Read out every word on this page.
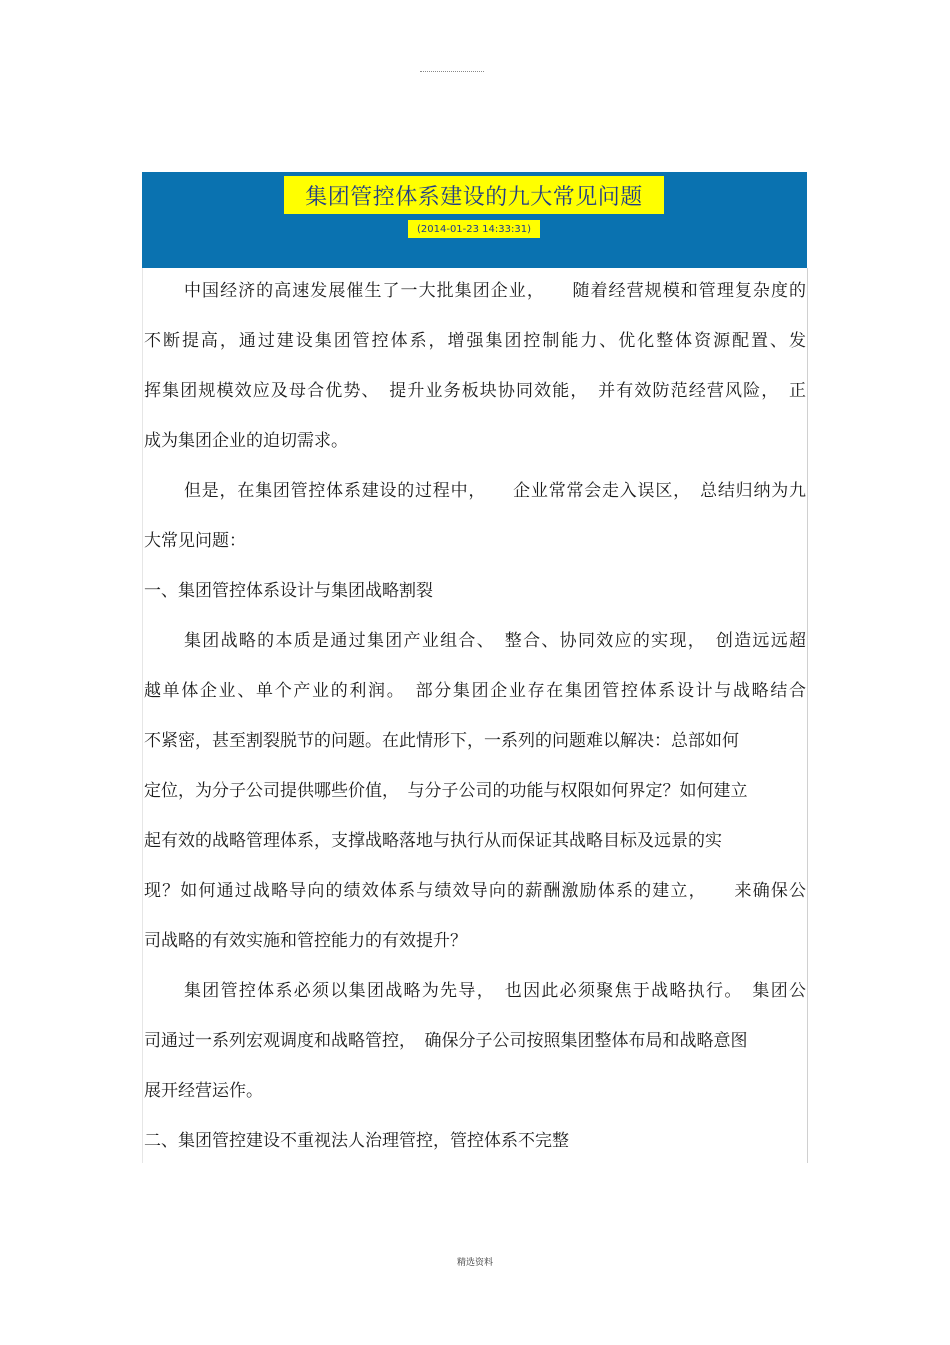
集团管控体系建设的九大常见问题
(2014-01-23 14:33:31)
中国经济的高速发展催生了一大批集团企业，　　随着经营规模和管理复杂度的
不断提高，通过建设集团管控体系，增强集团控制能力、优化整体资源配置、发
挥集团规模效应及母合优势、　提升业务板块协同效能，　并有效防范经营风险，　正
成为集团企业的迫切需求。
但是，在集团管控体系建设的过程中，　　企业常常会走入误区，　总结归纳为九
大常见问题：
一、集团管控体系设计与集团战略割裂
集团战略的本质是通过集团产业组合、　整合、协同效应的实现，　创造远远超
越单体企业、单个产业的利润。　部分集团企业存在集团管控体系设计与战略结合
不紧密，甚至割裂脱节的问题。在此情形下，一系列的问题难以解决：总部如何
定位，为分子公司提供哪些价值，　与分子公司的功能与权限如何界定？如何建立
起有效的战略管理体系，支撑战略落地与执行从而保证其战略目标及远景的实
现？如何通过战略导向的绩效体系与绩效导向的薪酬激励体系的建立，　　来确保公
司战略的有效实施和管控能力的有效提升？
集团管控体系必须以集团战略为先导，　也因此必须聚焦于战略执行。　集团公
司通过一系列宏观调度和战略管控，　确保分子公司按照集团整体布局和战略意图
展开经营运作。
二、集团管控建设不重视法人治理管控，管控体系不完整
精选资料
